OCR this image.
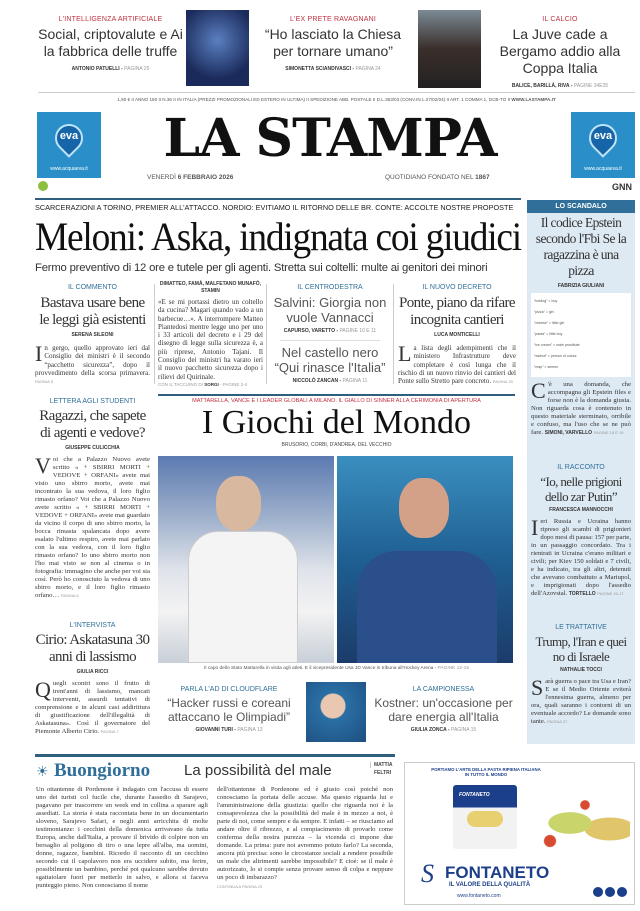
L'INTELLIGENZA ARTIFICIALE
Social, criptovalute e Ai la fabbrica delle truffe
ANTONIO PATUELLI - PAGINA 25
L'EX PRETE RAVAGNANI
“Ho lasciato la Chiesa per tornare umano”
SIMONETTA SCIANDIVASCI - PAGINA 24
IL CALCIO
La Juve cade a Bergamo addio alla Coppa Italia
BALICE, BARILLÀ, RIVA - PAGINE 34E35
1,90 € II ANNO 160 II N.36 II IN ITALIA (PREZZI PROMOZIONALI ED ESTERO IN ULTIMA) II SPEDIZIONE ABB. POSTALE II D.L.353/03 (CONV.IN L.27/02/04) II ART. 1 COMMA 1, DCB-TO II WWW.LASTAMPA.IT
eva
www.acquaeva.it
eva
www.acquaeva.it
LA STAMPA
VENERDÌ 6 FEBBRAIO 2026	QUOTIDIANO FONDATO NEL 1867
GNN
SCARCERAZIONI A TORINO, PREMIER ALL'ATTACCO. NORDIO: EVITIAMO IL RITORNO DELLE BR. CONTE: ACCOLTE NOSTRE PROPOSTE
Meloni: Aska, indignata coi giudici
Fermo preventivo di 12 ore e tutele per gli agenti. Stretta sui coltelli: multe ai genitori dei minori
IL COMMENTO
Bastava usare bene le leggi già esistenti
SERENA SILEONI
In gergo, quello approvato ieri dal Consiglio dei ministri è il secondo “pacchetto sicurezza”, dopo il provvedimento della scorsa primavera. PAGINA 5
DIMATTEO, FAMÀ, MALFETANO MUNAFÒ, STAMIN
«E se mi portassi dietro un coltello da cucina? Magari quando vado a un barbecue…». A interrompere Matteo Piantedosi mentre legge uno per uno i 33 articoli del decreto e i 29 del disegno di legge sulla sicurezza è, a più riprese, Antonio Tajani. Il Consiglio dei ministri ha varato ieri il nuovo pacchetto sicurezza dopo i rilievi del Quirinale.
CON IL TACCUINO DI SORGI - PAGINE 2-4
IL CENTRODESTRA
Salvini: Giorgia non vuole Vannacci
CAPURSO, VARETTO - PAGINE 10 E 11
Nel castello nero “Qui rinasce l'Italia”
NICCOLÒ ZANCAN - PAGINA 11
IL NUOVO DECRETO
Ponte, piano da rifare incognita cantieri
LUCA MONTICELLI
La lista degli adempimenti che il ministero Infrastrutture deve completare è così lunga che il rischio di un nuovo rinvio dei cantieri del Ponte sullo Stretto pare concreto. PAGINA 20
LETTERA AGLI STUDENTI
Ragazzi, che sapete di agenti e vedove?
GIUSEPPE CULICCHIA
Voi che a Palazzo Nuovo avete scritto « + SBIRRI MORTI + VEDOVE + ORFANI» avete mai visto uno sbirro morto, avete mai incontrato la sua vedova, il loro figlio rimasto orfano? Voi che a Palazzo Nuovo avete scritto « + SBIRRI MORTI + VEDOVE + ORFANI» avete mai guardato da vicino il corpo di uno sbirro morto, la bocca rimasta spalancata dopo avere esalato l'ultimo respiro, avete mai parlato con la sua vedova, con il loro figlio rimasto orfano? Io uno sbirro morto non l'ho mai visto se non al cinema o in fotografia: immagino che anche per voi sia così. Però ho conosciuto la vedova di uno sbirro morto, e il loro figlio rimasto orfano… PAGINA 6
L'INTERVISTA
Cirio: Askatasuna 30 anni di lassismo
GIULIA RICCI
Quegli scontri sono il frutto di trent'anni di lassismo, mancati interventi, assurdi tentativi di comprensione e in alcuni casi addirittura di giustificazione dell'illegalità di Askatasuna». Così il governatore del Piemonte Alberto Cirio. PAGINA 7
MATTARELLA, VANCE E I LEADER GLOBALI A MILANO. IL GIALLO DI SINNER ALLA CERIMONIA DI APERTURA
I Giochi del Mondo
BRUSORIO, CORBI, D'ANDREA, DEL VECCHIO
Il capo dello Stato Mattarella in visita agli atleti. E il vicepresidente Usa JD Vance in tribuna all'Hockey Arena - PAGINE 12-15
PARLA L'AD DI CLOUDFLARE
“Hacker russi e coreani attaccano le Olimpiadi”
GIOVANNI TURI - PAGINA 13
LA CAMPIONESSA
Kostner: un'occasione per dare energia all'Italia
GIULIA ZONCA - PAGINA 15
LO SCANDALO
Il codice Epstein secondo l'Fbi Se la ragazzina è una pizza
FABRIZIA GIULIANI
“hotdog” = boy
“pizza” = girl
“cheese” = little girl
“pasta” = little boy
“ice cream” = male prostitute
“walnut” = person of colour
“map” = semen
C 'è una domanda, che accompagna gli Epstein files e forse non è la domanda giusta. Non riguarda cosa è contenuto in questo materiale sterminato, orribile e confuso, ma l'uso che se ne può fare. SIMONI, VARVELLO PAGINE 18 E 19
IL RACCONTO
“Io, nelle prigioni dello zar Putin”
FRANCESCA MANNOCCHI
Ieri Russia e Ucraina hanno ripreso gli scambi di prigionieri dopo mesi di pausa: 157 per parte, in un passaggio concordato. Tra i rientrati in Ucraina c'erano militari e civili; per Kiev 150 soldati e 7 civili, e ha indicato, tra gli altri, detenuti che avevano combattuto a Mariupol, e imprigionati dopo l'assedio dell'Azovstal. TORTELLO PAGINE 16-17
LE TRATTATIVE
Trump, l'Iran e quei no di Israele
NATHALIE TOCCI
Sarà guerra o pace tra Usa e Iran? E se il Medio Oriente eviterà l'ennesima guerra, almeno per ora, quali saranno i contorni di un eventuale accordo? Le domande sono tante. PAGINA 27
☀ Buongiorno La possibilità del male	MATTIA
FELTRI
Un ottantenne di Pordenone è indagato con l'accusa di essere uno dei turisti col fucile che, durante l'assedio di Sarajevo, pagavano per trascorrere un week end in collina a sparare agli assediati. La storia è stata raccontata bene in un documentario sloveno, Sarajevo Safari, e negli anni arricchita di molte testimonianze: i cecchini della domenica arrivavano da tutta Europa, anche dall'Italia, a provare il brivido di colpire non un bersaglio al poligono di tiro o una lepre all'alba, ma uomini, donne, ragazze, bambini. Ricordo il racconto di un cecchino secondo cui il capolavoro non era uccidere subito, ma ferire, possibilmente un bambino, perché poi qualcuno sarebbe dovuto sgattaiolare fuori per metterlo in salvo, e allora si faceva punteggio pieno. Non conosciamo il nome
dell'ottantenne di Pordenone ed è giusto così poiché non conosciamo la portata delle accuse. Ma questo riguarda lui e l'amministrazione della giustizia: quello che riguarda noi è la consapevolezza che la possibilità del male è in mezzo a noi, è parte di noi, come sempre e da sempre. E infatti – se riusciamo ad andare oltre il ribrezzo, e al compiacimento di provarlo come conferma della nostra purezza – la vicenda ci impone due domande. La prima: pure noi avremmo potuto farlo? La seconda, ancora più precisa: sono le circostanze sociali a rendere possibile un male che altrimenti sarebbe impossibile? E cioè: se il male è autorizzato, lo si compie senza provare senso di colpa e neppure un poco di imbarazzo?
CONTINUA A PAGINA 23
PORTIAMO L'ARTE DELLA PASTA RIPIENA ITALIANA
IN TUTTO IL MONDO
FONTANETO
S FONTANETO
IL VALORE DELLA QUALITÀ
www.fontaneto.com
